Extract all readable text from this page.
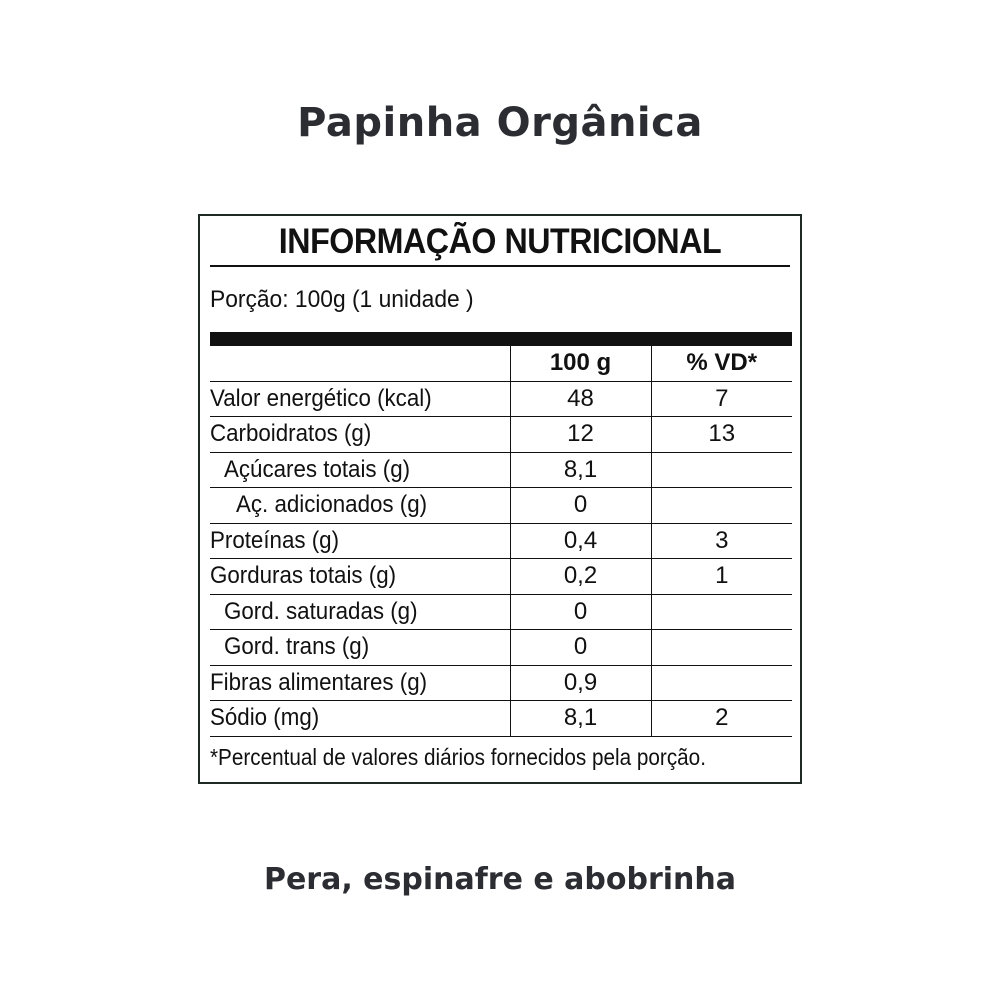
Papinha Orgânica
INFORMAÇÃO NUTRICIONAL
Porção: 100g (1 unidade )
	100 g	% VD*
Valor energético (kcal)	48	7
Carboidratos (g)	12	13
Açúcares totais (g)	8,1	
Aç. adicionados (g)	0	
Proteínas (g)	0,4	3
Gorduras totais (g)	0,2	1
Gord. saturadas (g)	0	
Gord. trans (g)	0	
Fibras alimentares (g)	0,9	
Sódio (mg)	8,1	2
*Percentual de valores diários fornecidos pela porção.
Pera, espinafre e abobrinha
